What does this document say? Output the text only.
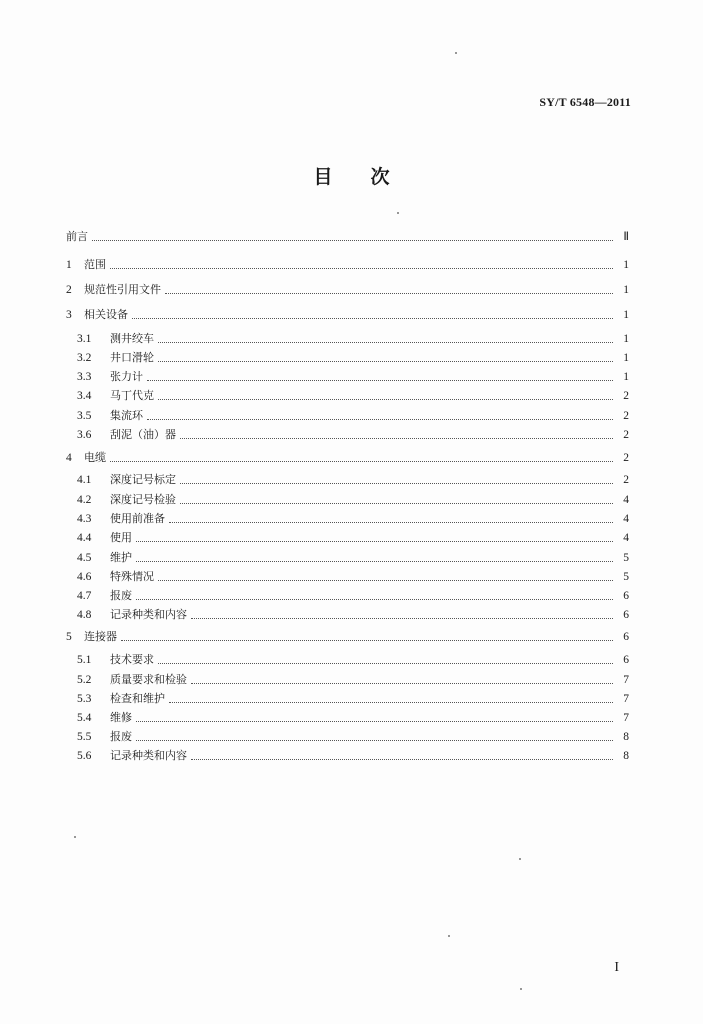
SY/T 6548—2011
目次
前言	Ⅱ
1	范围	1
2	规范性引用文件	1
3	相关设备	1
3.1	测井绞车	1
3.2	井口滑轮	1
3.3	张力计	1
3.4	马丁代克	2
3.5	集流环	2
3.6	刮泥（油）器	2
4	电缆	2
4.1	深度记号标定	2
4.2	深度记号检验	4
4.3	使用前准备	4
4.4	使用	4
4.5	维护	5
4.6	特殊情况	5
4.7	报废	6
4.8	记录种类和内容	6
5	连接器	6
5.1	技术要求	6
5.2	质量要求和检验	7
5.3	检查和维护	7
5.4	维修	7
5.5	报废	8
5.6	记录种类和内容	8
I
